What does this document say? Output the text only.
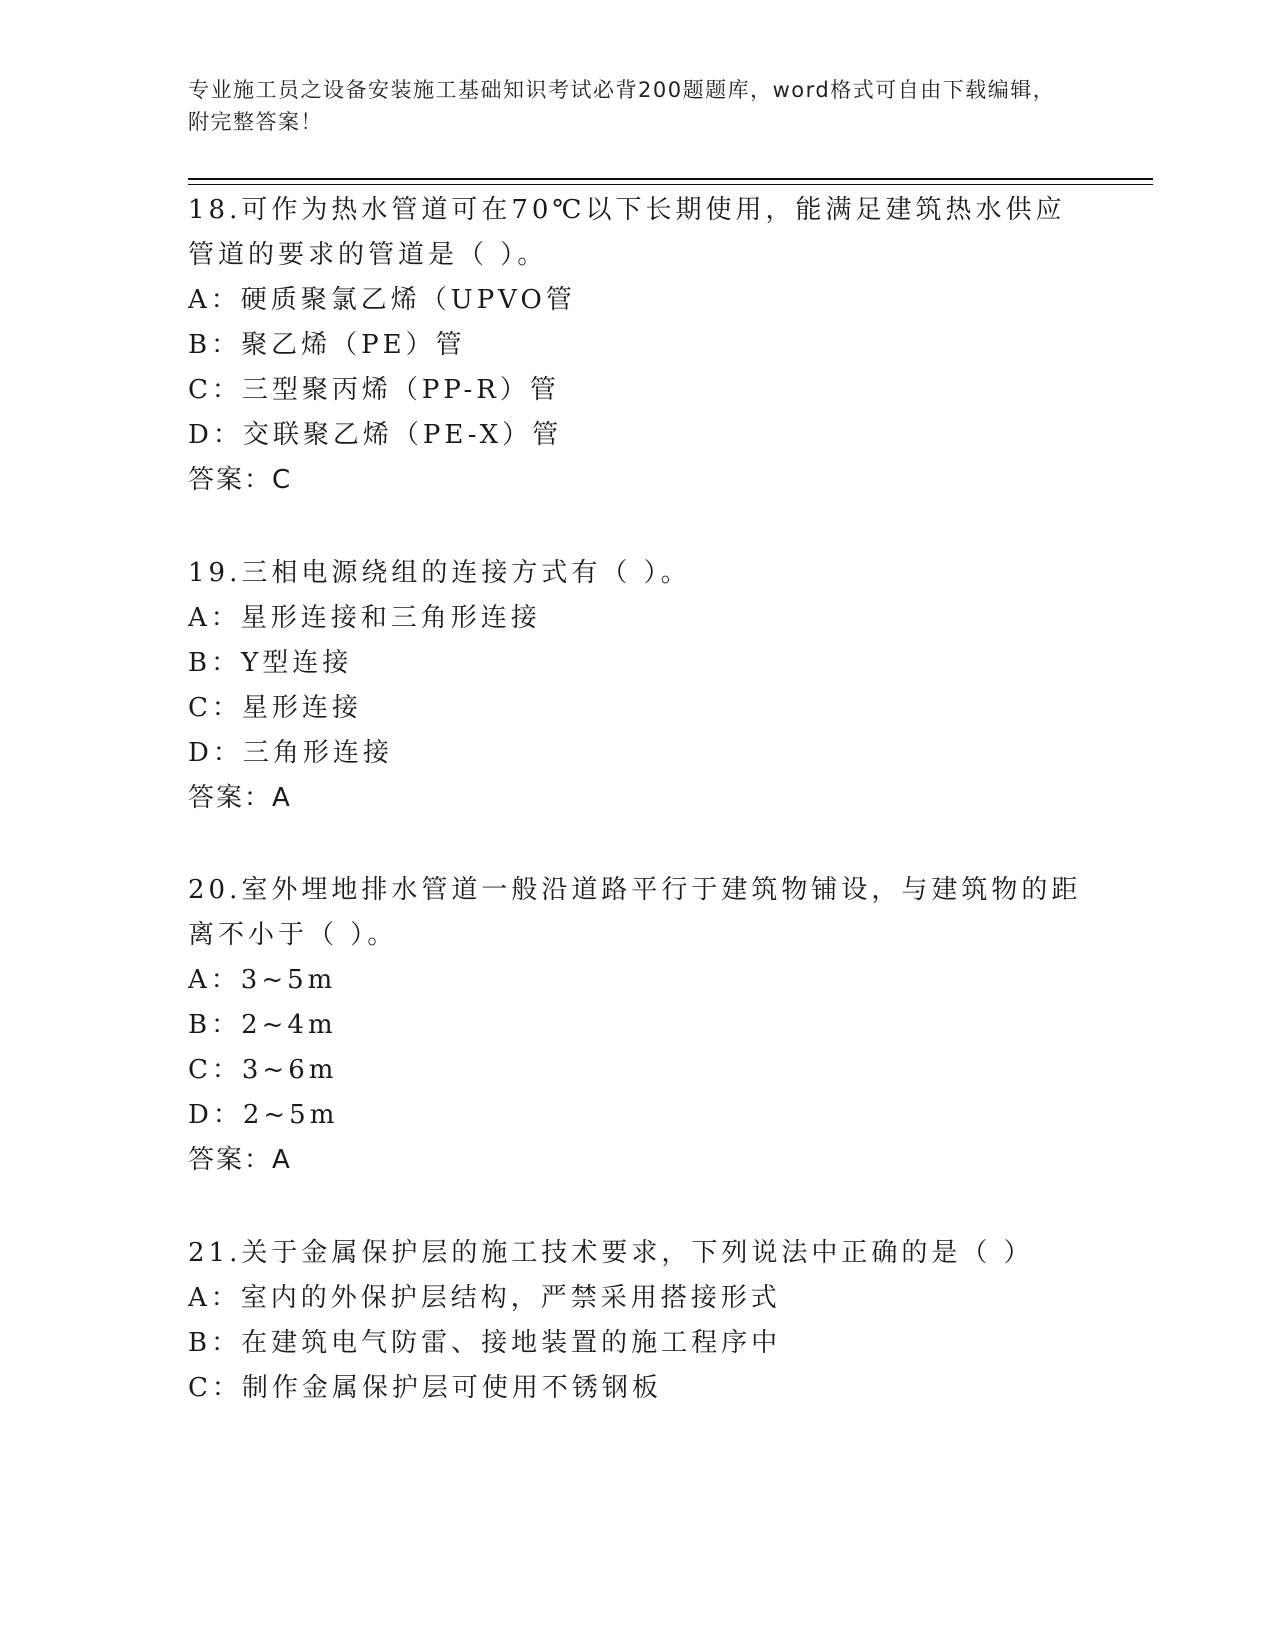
专业施工员之设备安装施工基础知识考试必背200题题库，word格式可自由下载编辑，附完整答案！

18.可作为热水管道可在70℃以下长期使用，能满足建筑热水供应管道的要求的管道是（ ）。

A：硬质聚氯乙烯（UPVO管

B：聚乙烯（PE）管

C：三型聚丙烯（PP-R）管

D：交联聚乙烯（PE-X）管

答案：C

19.三相电源绕组的连接方式有（ ）。

A：星形连接和三角形连接

B：Y型连接

C：星形连接

D：三角形连接

答案：A

20.室外埋地排水管道一般沿道路平行于建筑物铺设，与建筑物的距离不小于（ ）。

A：3~5m

B：2~4m

C：3~6m

D：2~5m

答案：A

21.关于金属保护层的施工技术要求，下列说法中正确的是（ ）

A：室内的外保护层结构，严禁采用搭接形式

B：在建筑电气防雷、接地装置的施工程序中

C：制作金属保护层可使用不锈钢板
